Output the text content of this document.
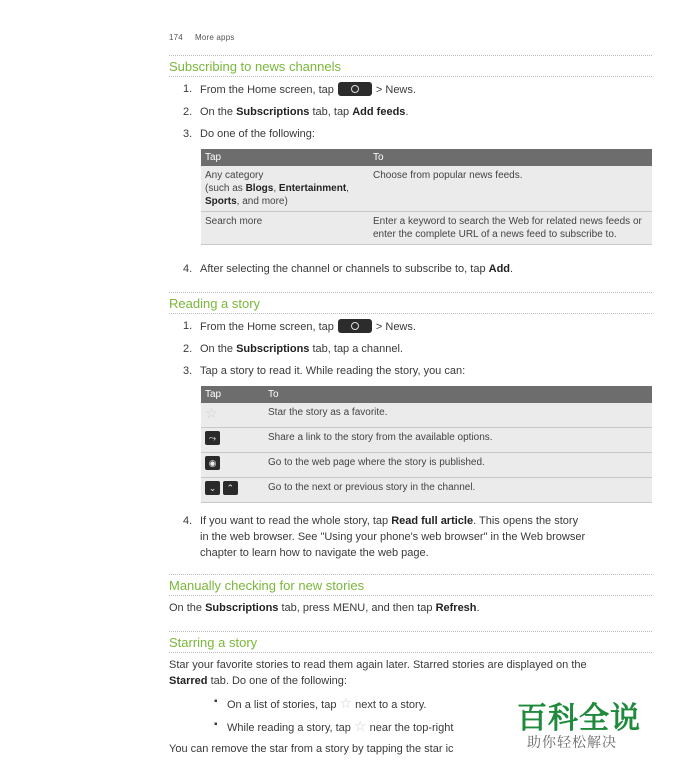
174 More apps
Subscribing to news channels
1. From the Home screen, tap	> News.
2. On the Subscriptions tab, tap Add feeds.
3. Do one of the following:
Tap	To
Any category
(such as Blogs, Entertainment,
Sports, and more)	Choose from popular news feeds.
Search more	Enter a keyword to search the Web for related news feeds or enter the complete URL of a news feed to subscribe to.
4. After selecting the channel or channels to subscribe to, tap Add.
Reading a story
1. From the Home screen, tap	> News.
2. On the Subscriptions tab, tap a channel.
3. Tap a story to read it. While reading the story, you can:
Tap	To
☆	Star the story as a favorite.
⤳	Share a link to the story from the available options.
◉	Go to the web page where the story is published.
⌄ ⌃	Go to the next or previous story in the channel.
4. If you want to read the whole story, tap Read full article. This opens the story
in the web browser. See "Using your phone's web browser" in the Web browser
chapter to learn how to navigate the web page.
Manually checking for new stories
On the Subscriptions tab, press MENU, and then tap Refresh.
Starring a story
Star your favorite stories to read them again later. Starred stories are displayed on the
Starred tab. Do one of the following:
▪ On a list of stories, tap ☆ next to a story.
▪ While reading a story, tap ☆ near the top-right
You can remove the star from a story by tapping the star ic
百科全说
助你轻松解决
